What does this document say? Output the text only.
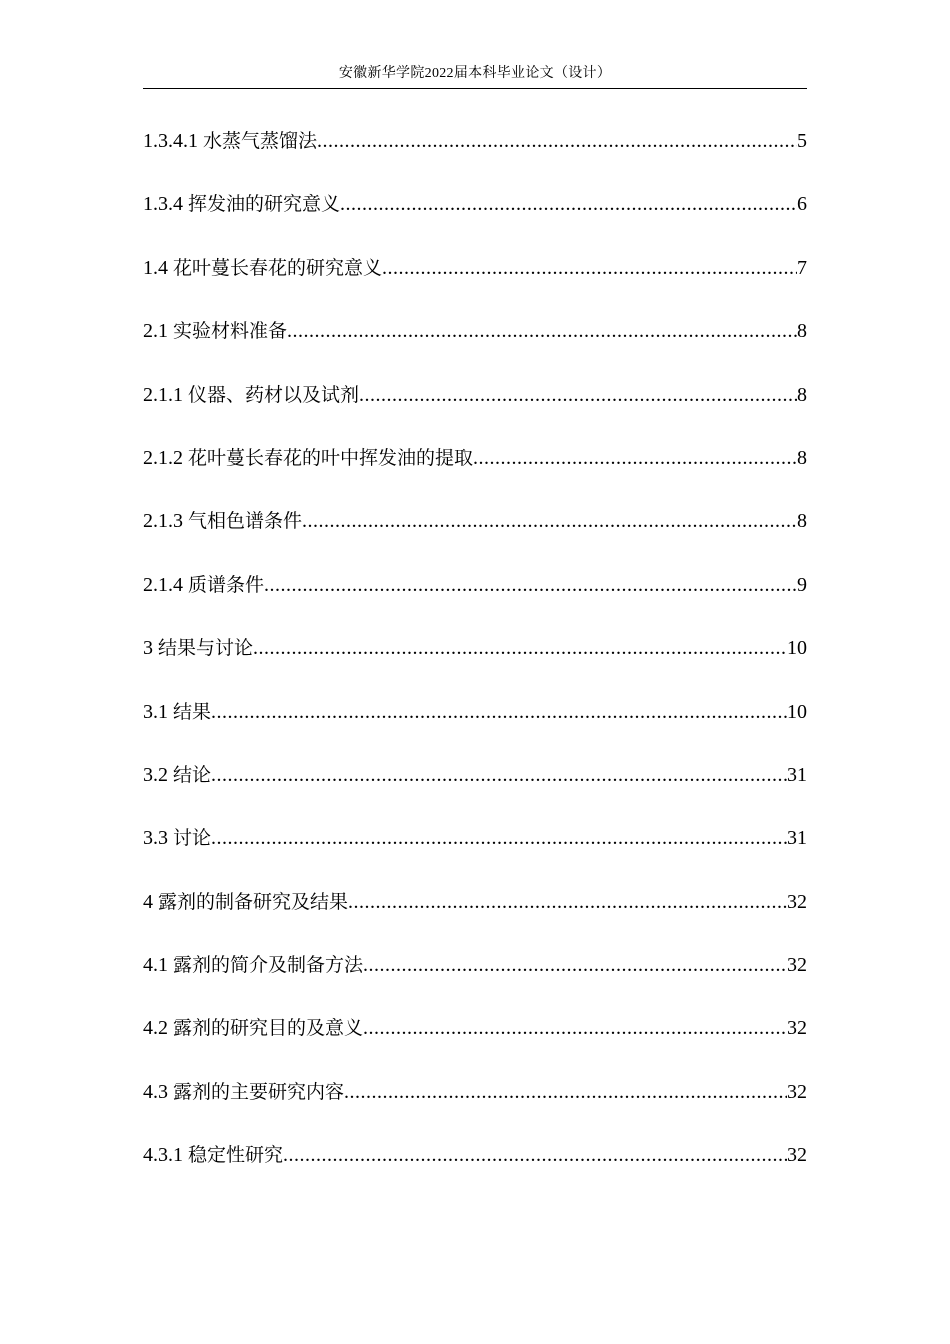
安徽新华学院2022届本科毕业论文（设计）
1.3.4.1 水蒸气蒸馏法 .....	5
1.3.4 挥发油的研究意义 .....	6
1.4 花叶蔓长春花的研究意义 .....	7
2.1 实验材料准备 .....	8
2.1.1 仪器、药材以及试剂 .....	8
2.1.2 花叶蔓长春花的叶中挥发油的提取 .....	8
2.1.3 气相色谱条件 .....	8
2.1.4 质谱条件 .....	9
3 结果与讨论 .....	10
3.1 结果 .....	10
3.2 结论 .....	31
3.3 讨论 .....	31
4 露剂的制备研究及结果 .....	32
4.1 露剂的简介及制备方法 .....	32
4.2 露剂的研究目的及意义 .....	32
4.3 露剂的主要研究内容 .....	32
4.3.1 稳定性研究 .....	32
